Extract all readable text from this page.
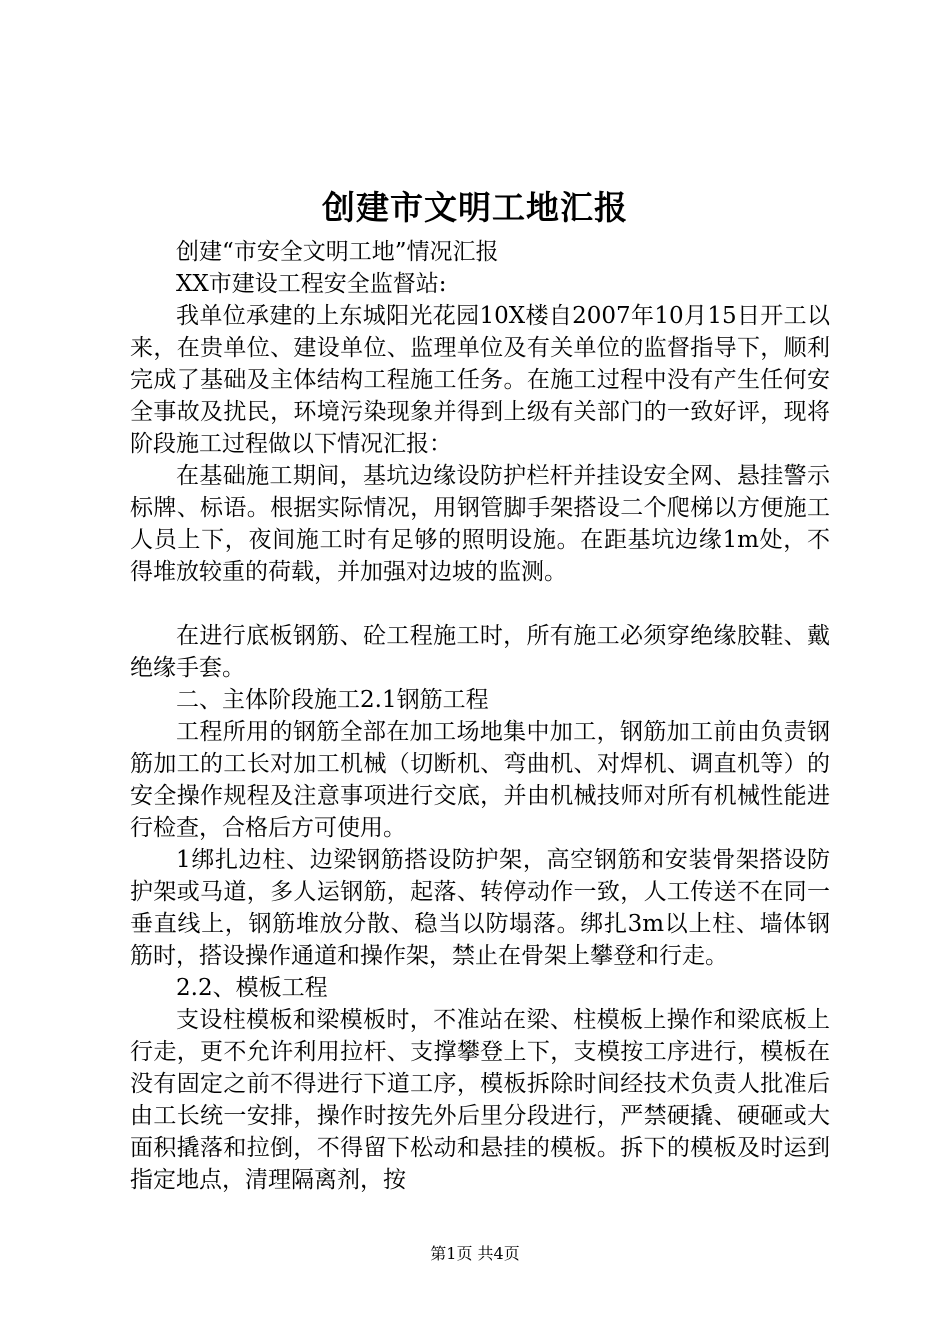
创建市文明工地汇报

创建“市安全文明工地”情况汇报

XX市建设工程安全监督站:

我单位承建的上东城阳光花园10X楼自2007年10月15日开工以来，在贵单位、建设单位、监理单位及有关单位的监督指导下，顺利完成了基础及主体结构工程施工任务。在施工过程中没有产生任何安全事故及扰民，环境污染现象并得到上级有关部门的一致好评，现将阶段施工过程做以下情况汇报：

在基础施工期间，基坑边缘设防护栏杆并挂设安全网、悬挂警示标牌、标语。根据实际情况，用钢管脚手架搭设二个爬梯以方便施工人员上下，夜间施工时有足够的照明设施。在距基坑边缘1m处，不得堆放较重的荷载，并加强对边坡的监测。

在进行底板钢筋、砼工程施工时，所有施工必须穿绝缘胶鞋、戴绝缘手套。

二、主体阶段施工2.1钢筋工程

工程所用的钢筋全部在加工场地集中加工，钢筋加工前由负责钢筋加工的工长对加工机械（切断机、弯曲机、对焊机、调直机等）的安全操作规程及注意事项进行交底，并由机械技师对所有机械性能进行检查，合格后方可使用。

1绑扎边柱、边梁钢筋搭设防护架，高空钢筋和安装骨架搭设防护架或马道，多人运钢筋，起落、转停动作一致，人工传送不在同一垂直线上，钢筋堆放分散、稳当以防塌落。绑扎3m以上柱、墙体钢筋时，搭设操作通道和操作架，禁止在骨架上攀登和行走。

2.2、模板工程

支设柱模板和梁模板时，不准站在梁、柱模板上操作和梁底板上行走，更不允许利用拉杆、支撑攀登上下，支模按工序进行，模板在没有固定之前不得进行下道工序，模板拆除时间经技术负责人批准后由工长统一安排，操作时按先外后里分段进行，严禁硬撬、硬砸或大面积撬落和拉倒，不得留下松动和悬挂的模板。拆下的模板及时运到指定地点，清理隔离剂，按

第1页 共4页
